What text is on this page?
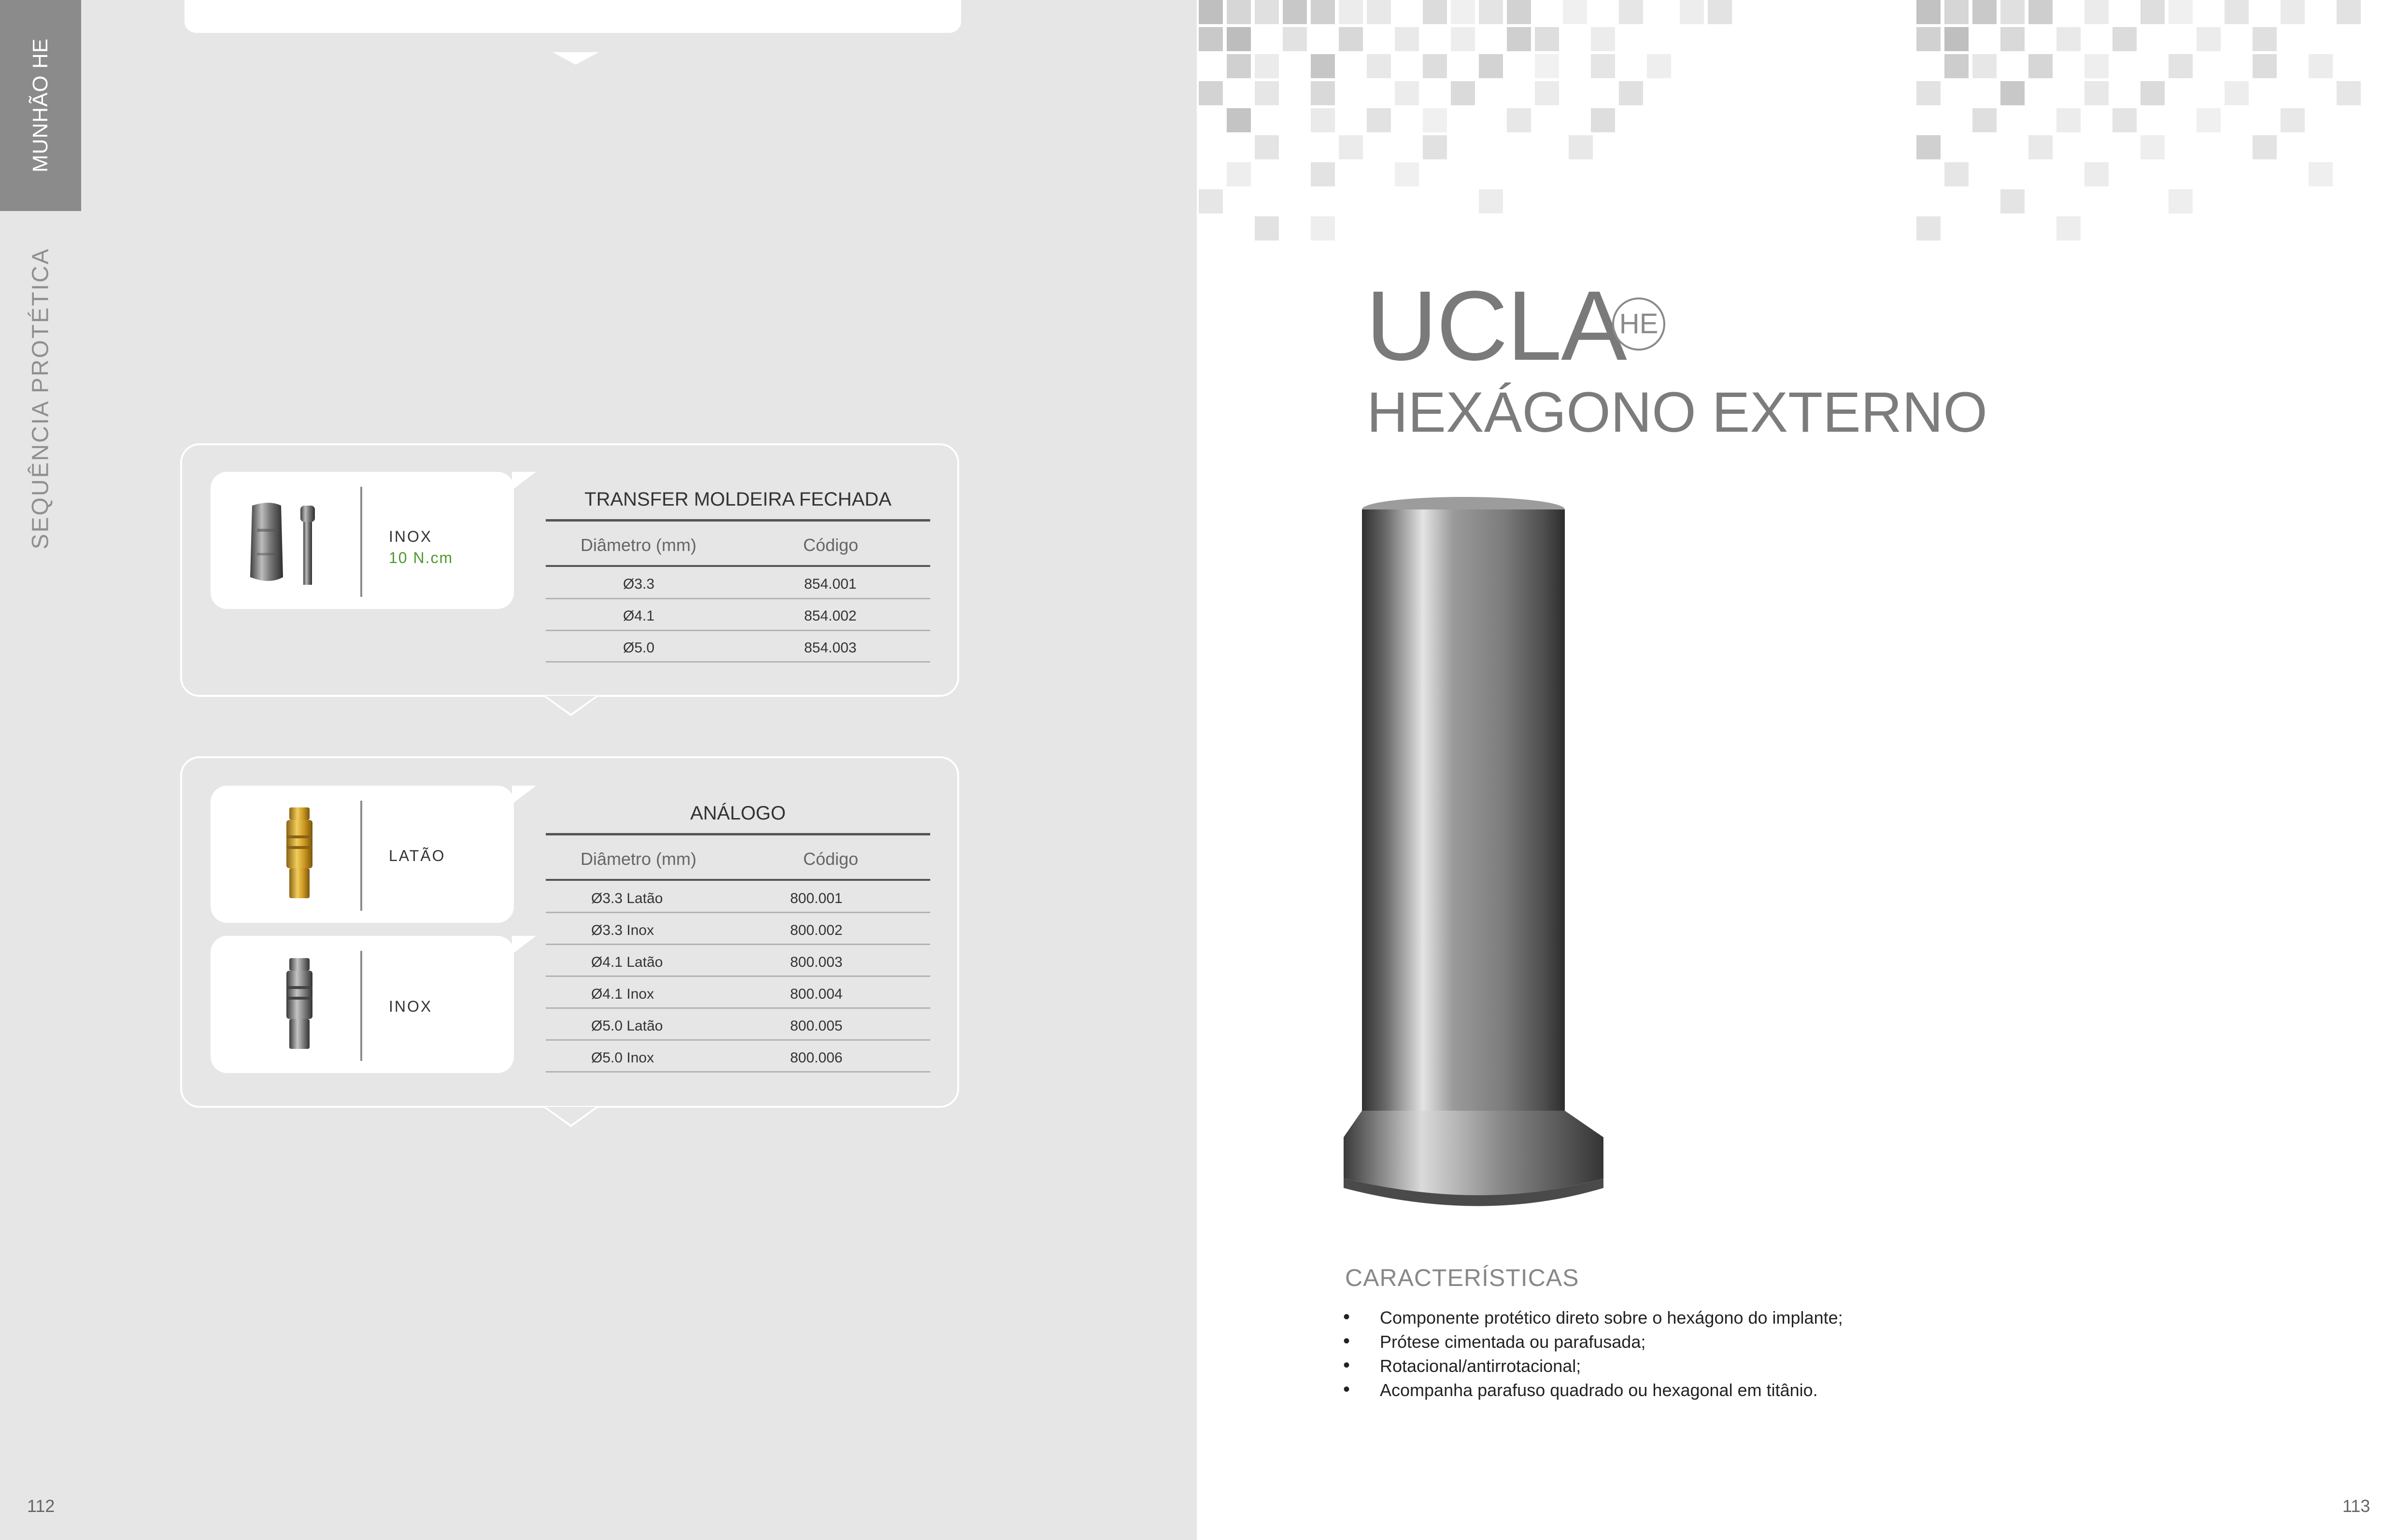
MUNHÃO HE
SEQUÊNCIA PROTÉTICA	INOX
10 N.cm
TRANSFER MOLDEIRA FECHADA
Diâmetro (mm)	Código
Ø3.3	854.001
Ø4.1	854.002
Ø5.0	854.003
LATÃO
INOX
ANÁLOGO
Diâmetro (mm)	Código
Ø3.3 Latão	800.001
Ø3.3 Inox	800.002
Ø4.1 Latão	800.003
Ø4.1 Inox	800.004
Ø5.0 Latão	800.005
Ø5.0 Inox	800.006
112
UCLA
HE
HEXÁGONO EXTERNO
CARACTERÍSTICAS
• Componente protético direto sobre o hexágono do implante;
• Prótese cimentada ou parafusada;
• Rotacional/antirrotacional;
• Acompanha parafuso quadrado ou hexagonal em titânio.
113
